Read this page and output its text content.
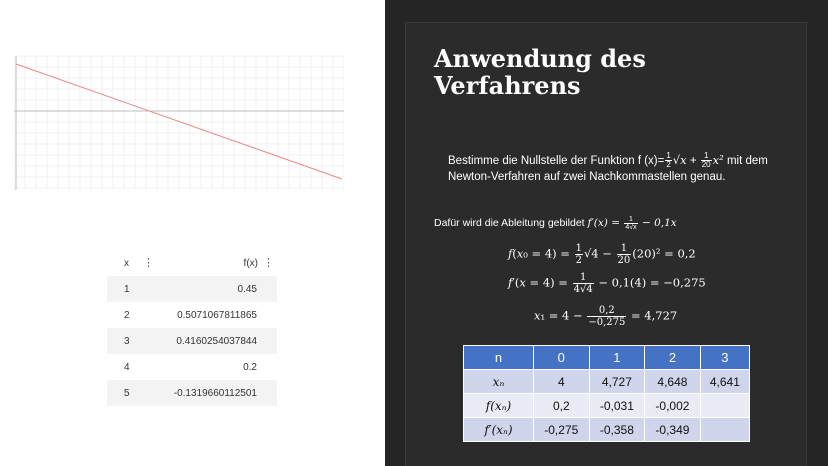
x ⋮	f(x) ⋮
1	0.45
2	0.5071067811865
3	0.4160254037844
4	0.2
5	-0.1319660112501
Anwendung des
Verfahrens
Bestimme die Nullstelle der Funktion f $(x)= \frac{1}{2} √x + \frac{1}{20} x^2$ mit dem Newton-Verfahren auf zwei Nachkommastellen genau.
Dafür wird die Ableitung gebildet $f'(x) = \frac{1}{4√x} - 0,1x$
$f(x_0 = 4) = \frac{1}{2} √4 - \frac{1}{20} (20)^2 = 0,2$
$f'(x = 4) = \frac{1}{4√4} - 0,1(4) = -0,275$
$x_1 = 4 - \frac{0,2}{-0,275} = 4,727$
n	0	1	2	3
xₙ	4	4,727	4,648	4,641
f(xₙ)	0,2	-0,031	-0,002	
f′(xₙ)	-0,275	-0,358	-0,349	
